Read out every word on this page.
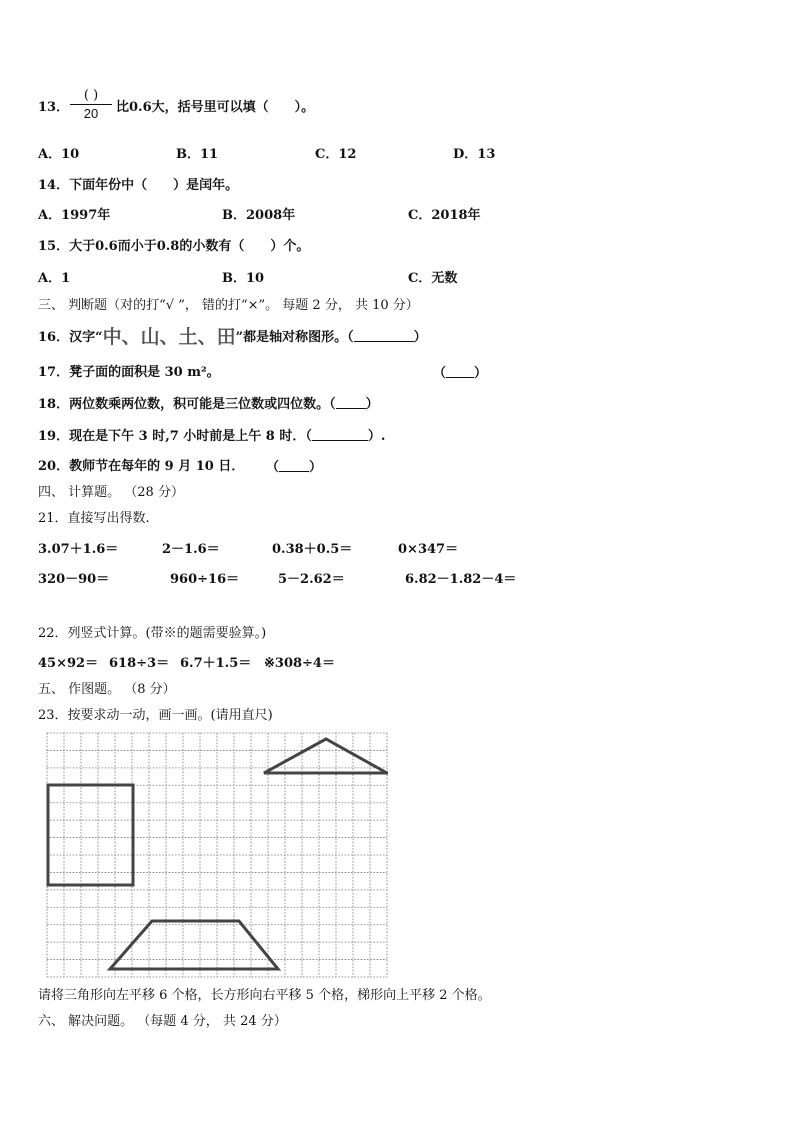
13．
( )
20	比0.6大，括号里可以填（　　）。
A．10	B．11	C．12	D．13
14．下面年份中（　　）是闰年。
A．1997年	B．2008年	C．2018年
15．大于0.6而小于0.8的小数有（　　）个。
A．1	B．10	C．无数
三、 判断题（对的打“√ ”， 错的打“×”。 每题 2 分， 共 10 分）
16．汉字“中、山、土、田”都是轴对称图形。（	）
17．凳子面的面积是 30 m²。	（ ）
18．两位数乘两位数，积可能是三位数或四位数。（ ）
19．现在是下午 3 时,7 小时前是上午 8 时．（	）.
20．教师节在每年的 9 月 10 日． （ ）
四、 计算题。 （28 分）
21．直接写出得数.
3.07＋1.6＝	2－1.6＝	0.38＋0.5＝	0×347＝
320－90＝	960÷16＝	5－2.62＝	6.82－1.82－4＝
22．列竖式计算。(带※的题需要验算。)
45×92＝ 618÷3＝ 6.7＋1.5＝ ※308÷4＝
五、 作图题。 （8 分）
23．按要求动一动，画一画。(请用直尺)
请将三角形向左平移 6 个格，长方形向右平移 5 个格，梯形向上平移 2 个格。
六、 解决问题。 （每题 4 分， 共 24 分）
